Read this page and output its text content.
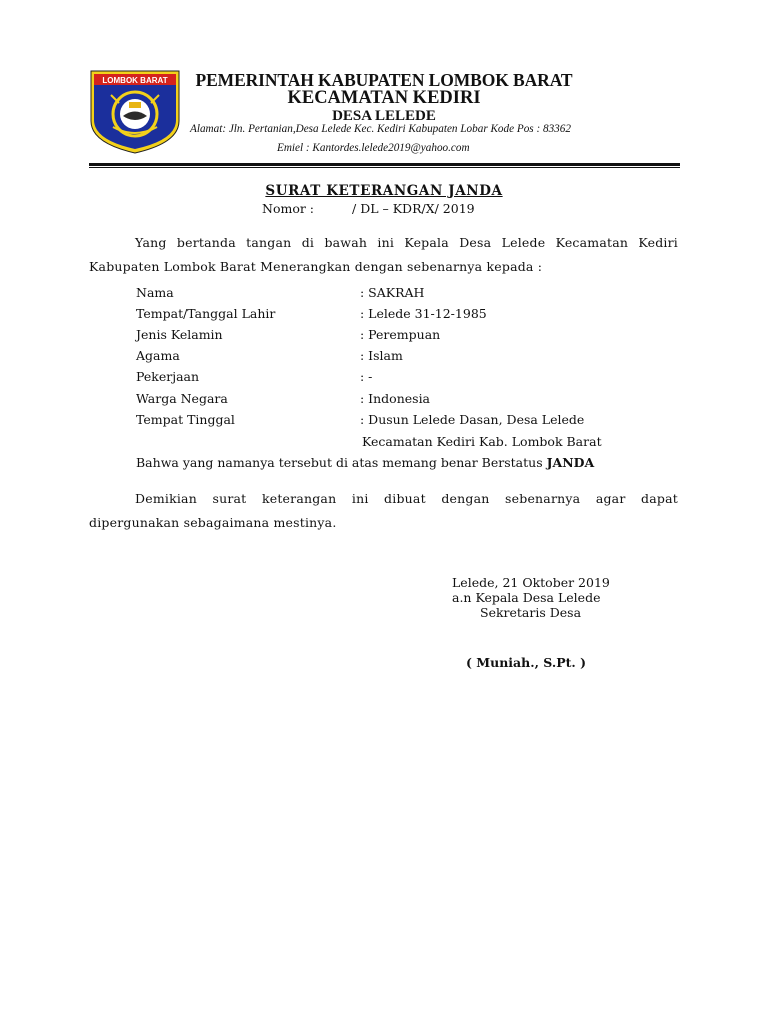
LOMBOK BARAT	PEMERINTAH KABUPATEN LOMBOK BARAT
KECAMATAN KEDIRI
DESA LELEDE
Alamat: Jln. Pertanian,Desa Lelede Kec. Kediri Kabupaten Lobar Kode Pos : 83362
Emiel : Kantordes.lelede2019@yahoo.com
SURAT KETERANGAN JANDA
Nomor :	/ DL – KDR/X/ 2019
Yang bertanda tangan di bawah ini Kepala Desa Lelede Kecamatan Kediri Kabupaten Lombok Barat Menerangkan dengan sebenarnya kepada :
Nama	: SAKRAH
Tempat/Tanggal Lahir	: Lelede 31-12-1985
Jenis Kelamin	: Perempuan
Agama	: Islam
Pekerjaan	: -
Warga Negara	: Indonesia
Tempat Tinggal	: Dusun Lelede Dasan, Desa Lelede
Kecamatan Kediri Kab. Lombok Barat
Bahwa yang namanya tersebut di atas memang benar Berstatus JANDA
Demikian surat keterangan ini dibuat dengan sebenarnya agar dapat dipergunakan sebagaimana mestinya.
Lelede, 21 Oktober 2019
a.n Kepala Desa Lelede
Sekretaris Desa
( Muniah., S.Pt. )
